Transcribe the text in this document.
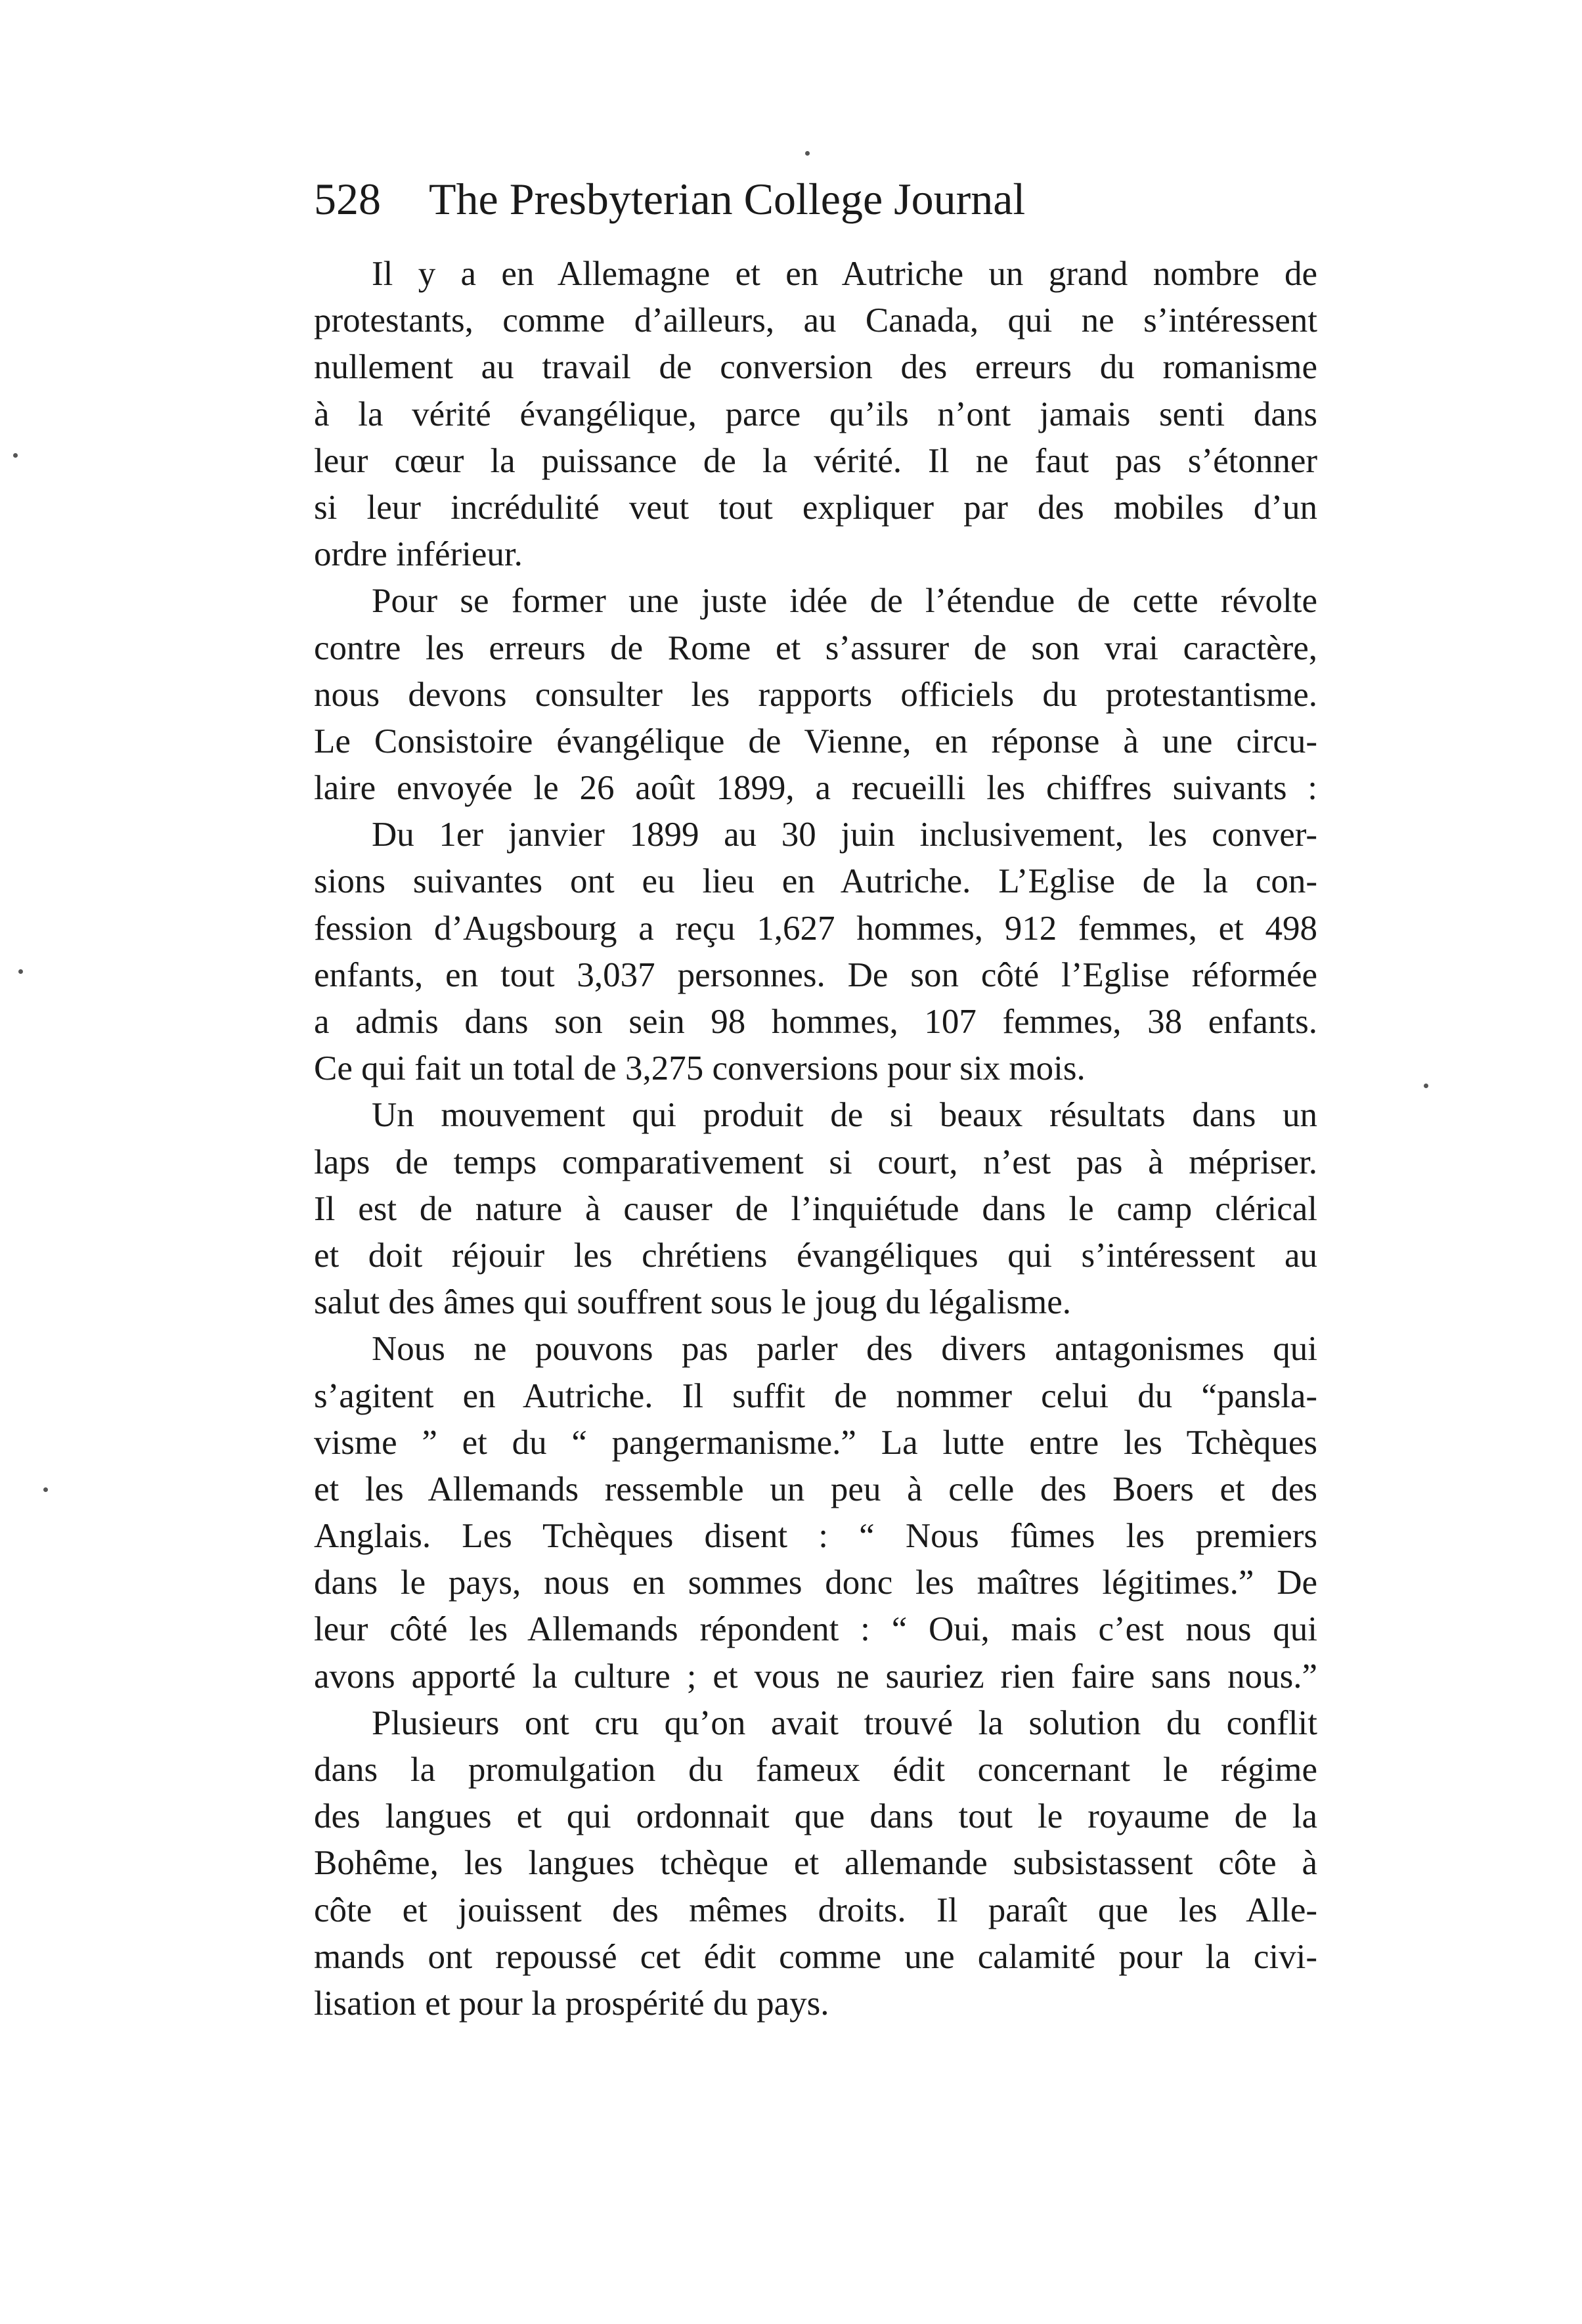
528 The Presbyterian College Journal

Il y a en Allemagne et en Autriche un grand nombre de
protestants, comme d’ailleurs, au Canada, qui ne s’intéressent
nullement au travail de conversion des erreurs du romanisme
à la vérité évangélique, parce qu’ils n’ont jamais senti dans
leur cœur la puissance de la vérité. Il ne faut pas s’étonner
si leur incrédulité veut tout expliquer par des mobiles d’un
ordre inférieur.

Pour se former une juste idée de l’étendue de cette révolte
contre les erreurs de Rome et s’assurer de son vrai caractère,
nous devons consulter les rapports officiels du protestantisme.
Le Consistoire évangélique de Vienne, en réponse à une circu-
laire envoyée le 26 août 1899, a recueilli les chiffres suivants :

Du 1er janvier 1899 au 30 juin inclusivement, les conver-
sions suivantes ont eu lieu en Autriche. L’Eglise de la con-
fession d’Augsbourg a reçu 1,627 hommes, 912 femmes, et 498
enfants, en tout 3,037 personnes. De son côté l’Eglise réformée
a admis dans son sein 98 hommes, 107 femmes, 38 enfants.
Ce qui fait un total de 3,275 conversions pour six mois.

Un mouvement qui produit de si beaux résultats dans un
laps de temps comparativement si court, n’est pas à mépriser.
Il est de nature à causer de l’inquiétude dans le camp clérical
et doit réjouir les chrétiens évangéliques qui s’intéressent au
salut des âmes qui souffrent sous le joug du légalisme.

Nous ne pouvons pas parler des divers antagonismes qui
s’agitent en Autriche. Il suffit de nommer celui du “pansla-
visme ” et du “ pangermanisme.” La lutte entre les Tchèques
et les Allemands ressemble un peu à celle des Boers et des
Anglais. Les Tchèques disent : “ Nous fûmes les premiers
dans le pays, nous en sommes donc les maîtres légitimes.” De
leur côté les Allemands répondent : “ Oui, mais c’est nous qui
avons apporté la culture ; et vous ne sauriez rien faire sans nous.”

Plusieurs ont cru qu’on avait trouvé la solution du conflit
dans la promulgation du fameux édit concernant le régime
des langues et qui ordonnait que dans tout le royaume de la
Bohême, les langues tchèque et allemande subsistassent côte à
côte et jouissent des mêmes droits. Il paraît que les Alle-
mands ont repoussé cet édit comme une calamité pour la civi-
lisation et pour la prospérité du pays.
